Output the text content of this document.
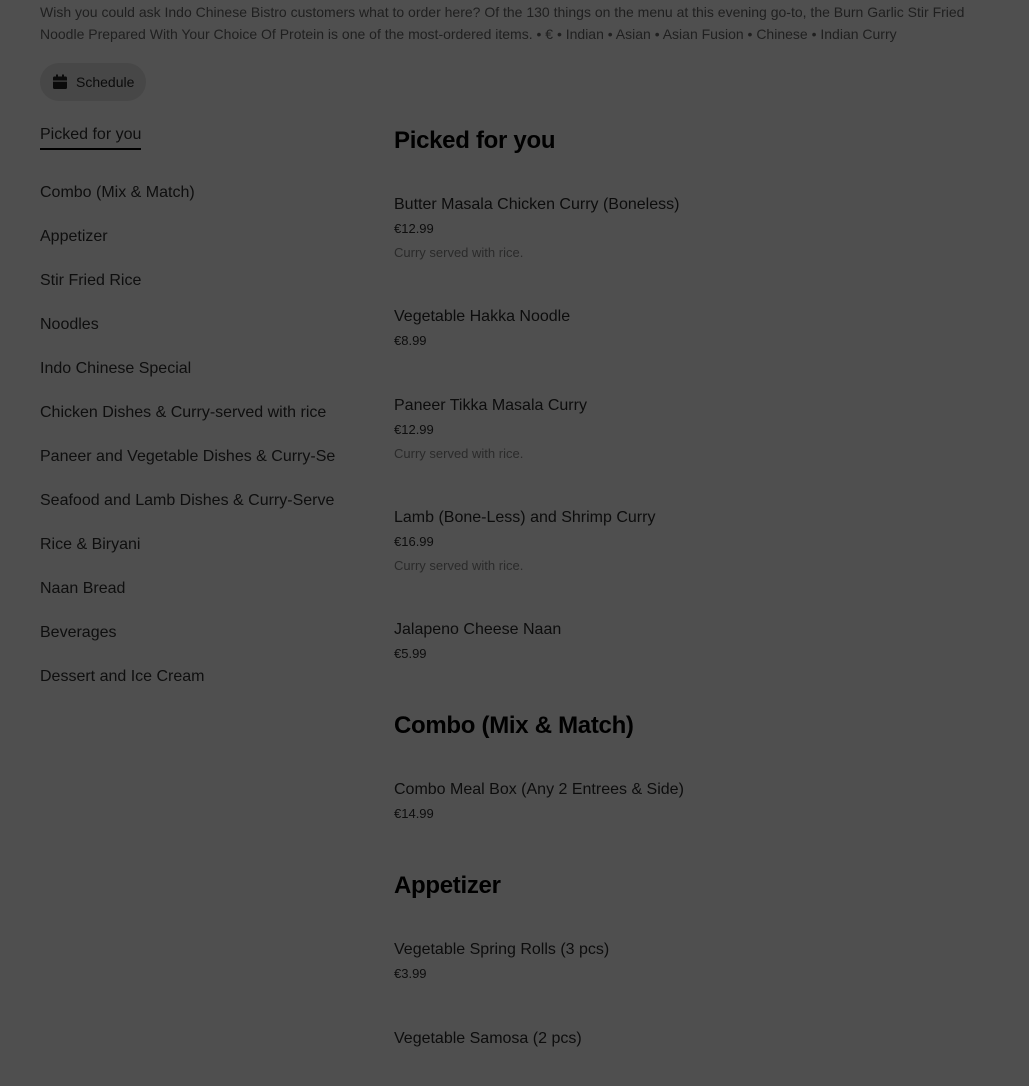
Wish you could ask Indo Chinese Bistro customers what to order here? Of the 130 things on the menu at this evening go-to, the Burn Garlic Stir Fried Noodle Prepared With Your Choice Of Protein is one of the most-ordered items. • € • Indian • Asian • Asian Fusion • Chinese • Indian Curry

Schedule
Picked for you
Combo (Mix & Match)
Appetizer
Stir Fried Rice
Noodles
Indo Chinese Special
Chicken Dishes & Curry-served with rice
Paneer and Vegetable Dishes & Curry-Se
Seafood and Lamb Dishes & Curry-Serve
Rice & Biryani
Naan Bread
Beverages
Dessert and Ice Cream
Picked for you
Butter Masala Chicken Curry (Boneless)
€12.99
Curry served with rice.
Vegetable Hakka Noodle
€8.99
Paneer Tikka Masala Curry
€12.99
Curry served with rice.
Lamb (Bone-Less) and Shrimp Curry
€16.99
Curry served with rice.
Jalapeno Cheese Naan
€5.99
Combo (Mix & Match)
Combo Meal Box (Any 2 Entrees & Side)
€14.99
Appetizer
Vegetable Spring Rolls (3 pcs)
€3.99
Vegetable Samosa (2 pcs)
